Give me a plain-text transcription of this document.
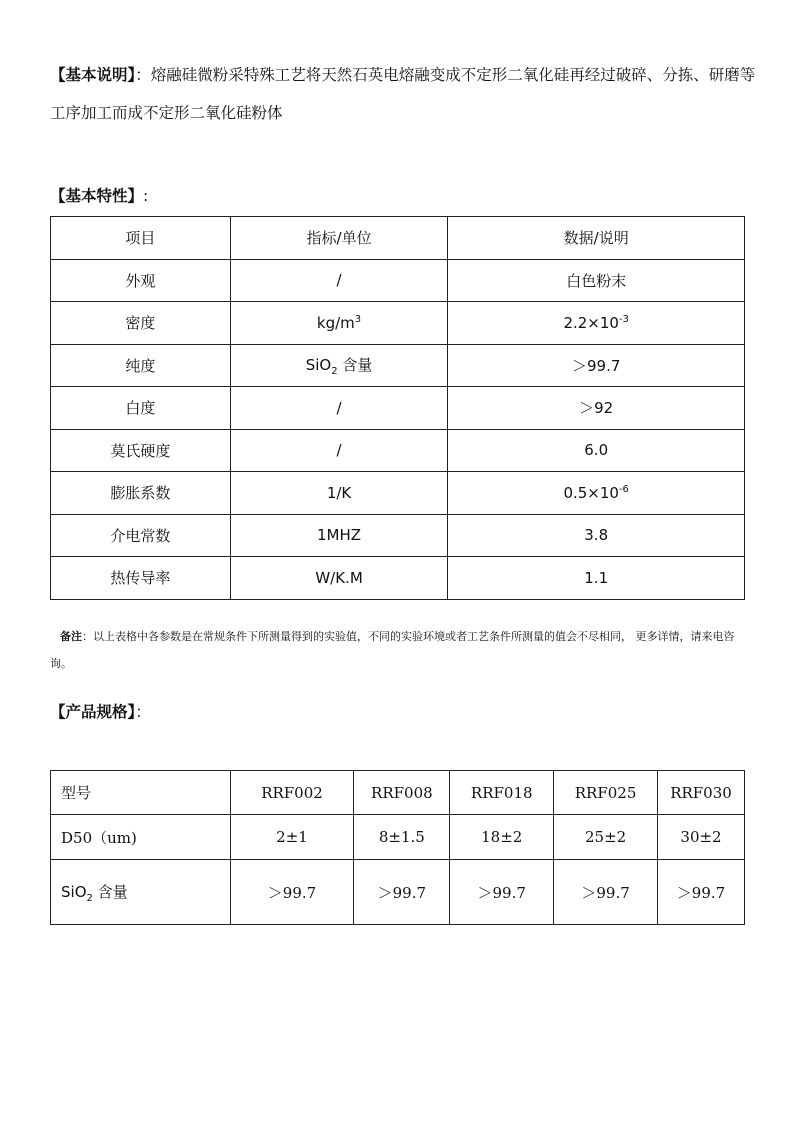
【基本说明】：熔融硅微粉采特殊工艺将天然石英电熔融变成不定形二氧化硅再经过破碎、分拣、研磨等工序加工而成不定形二氧化硅粉体
【基本特性】:
项目	指标/单位	数据/说明
外观	/	白色粉末
密度	$kg/m^3$	$2.2\times 10^{-3}$
纯度	SiO$_2$ 含量	＞99.7
白度	/	＞92
莫氏硬度	/	6.0
膨胀系数	1/K	$0.5\times 10^{-6}$
介电常数	1MHZ	3.8
热传导率	W/K.M	1.1
备注：以上表格中各参数是在常规条件下所测量得到的实验值，不同的实验环境或者工艺条件所测量的值会不尽相同， 更多详情，请来电咨询。
【产品规格】：
型号	RRF002	RRF008	RRF018	RRF025	RRF030
D50（um)	2±1	8±1.5	18±2	25±2	30±2
SiO$_2$ 含量	＞99.7	＞99.7	＞99.7	＞99.7	＞99.7
